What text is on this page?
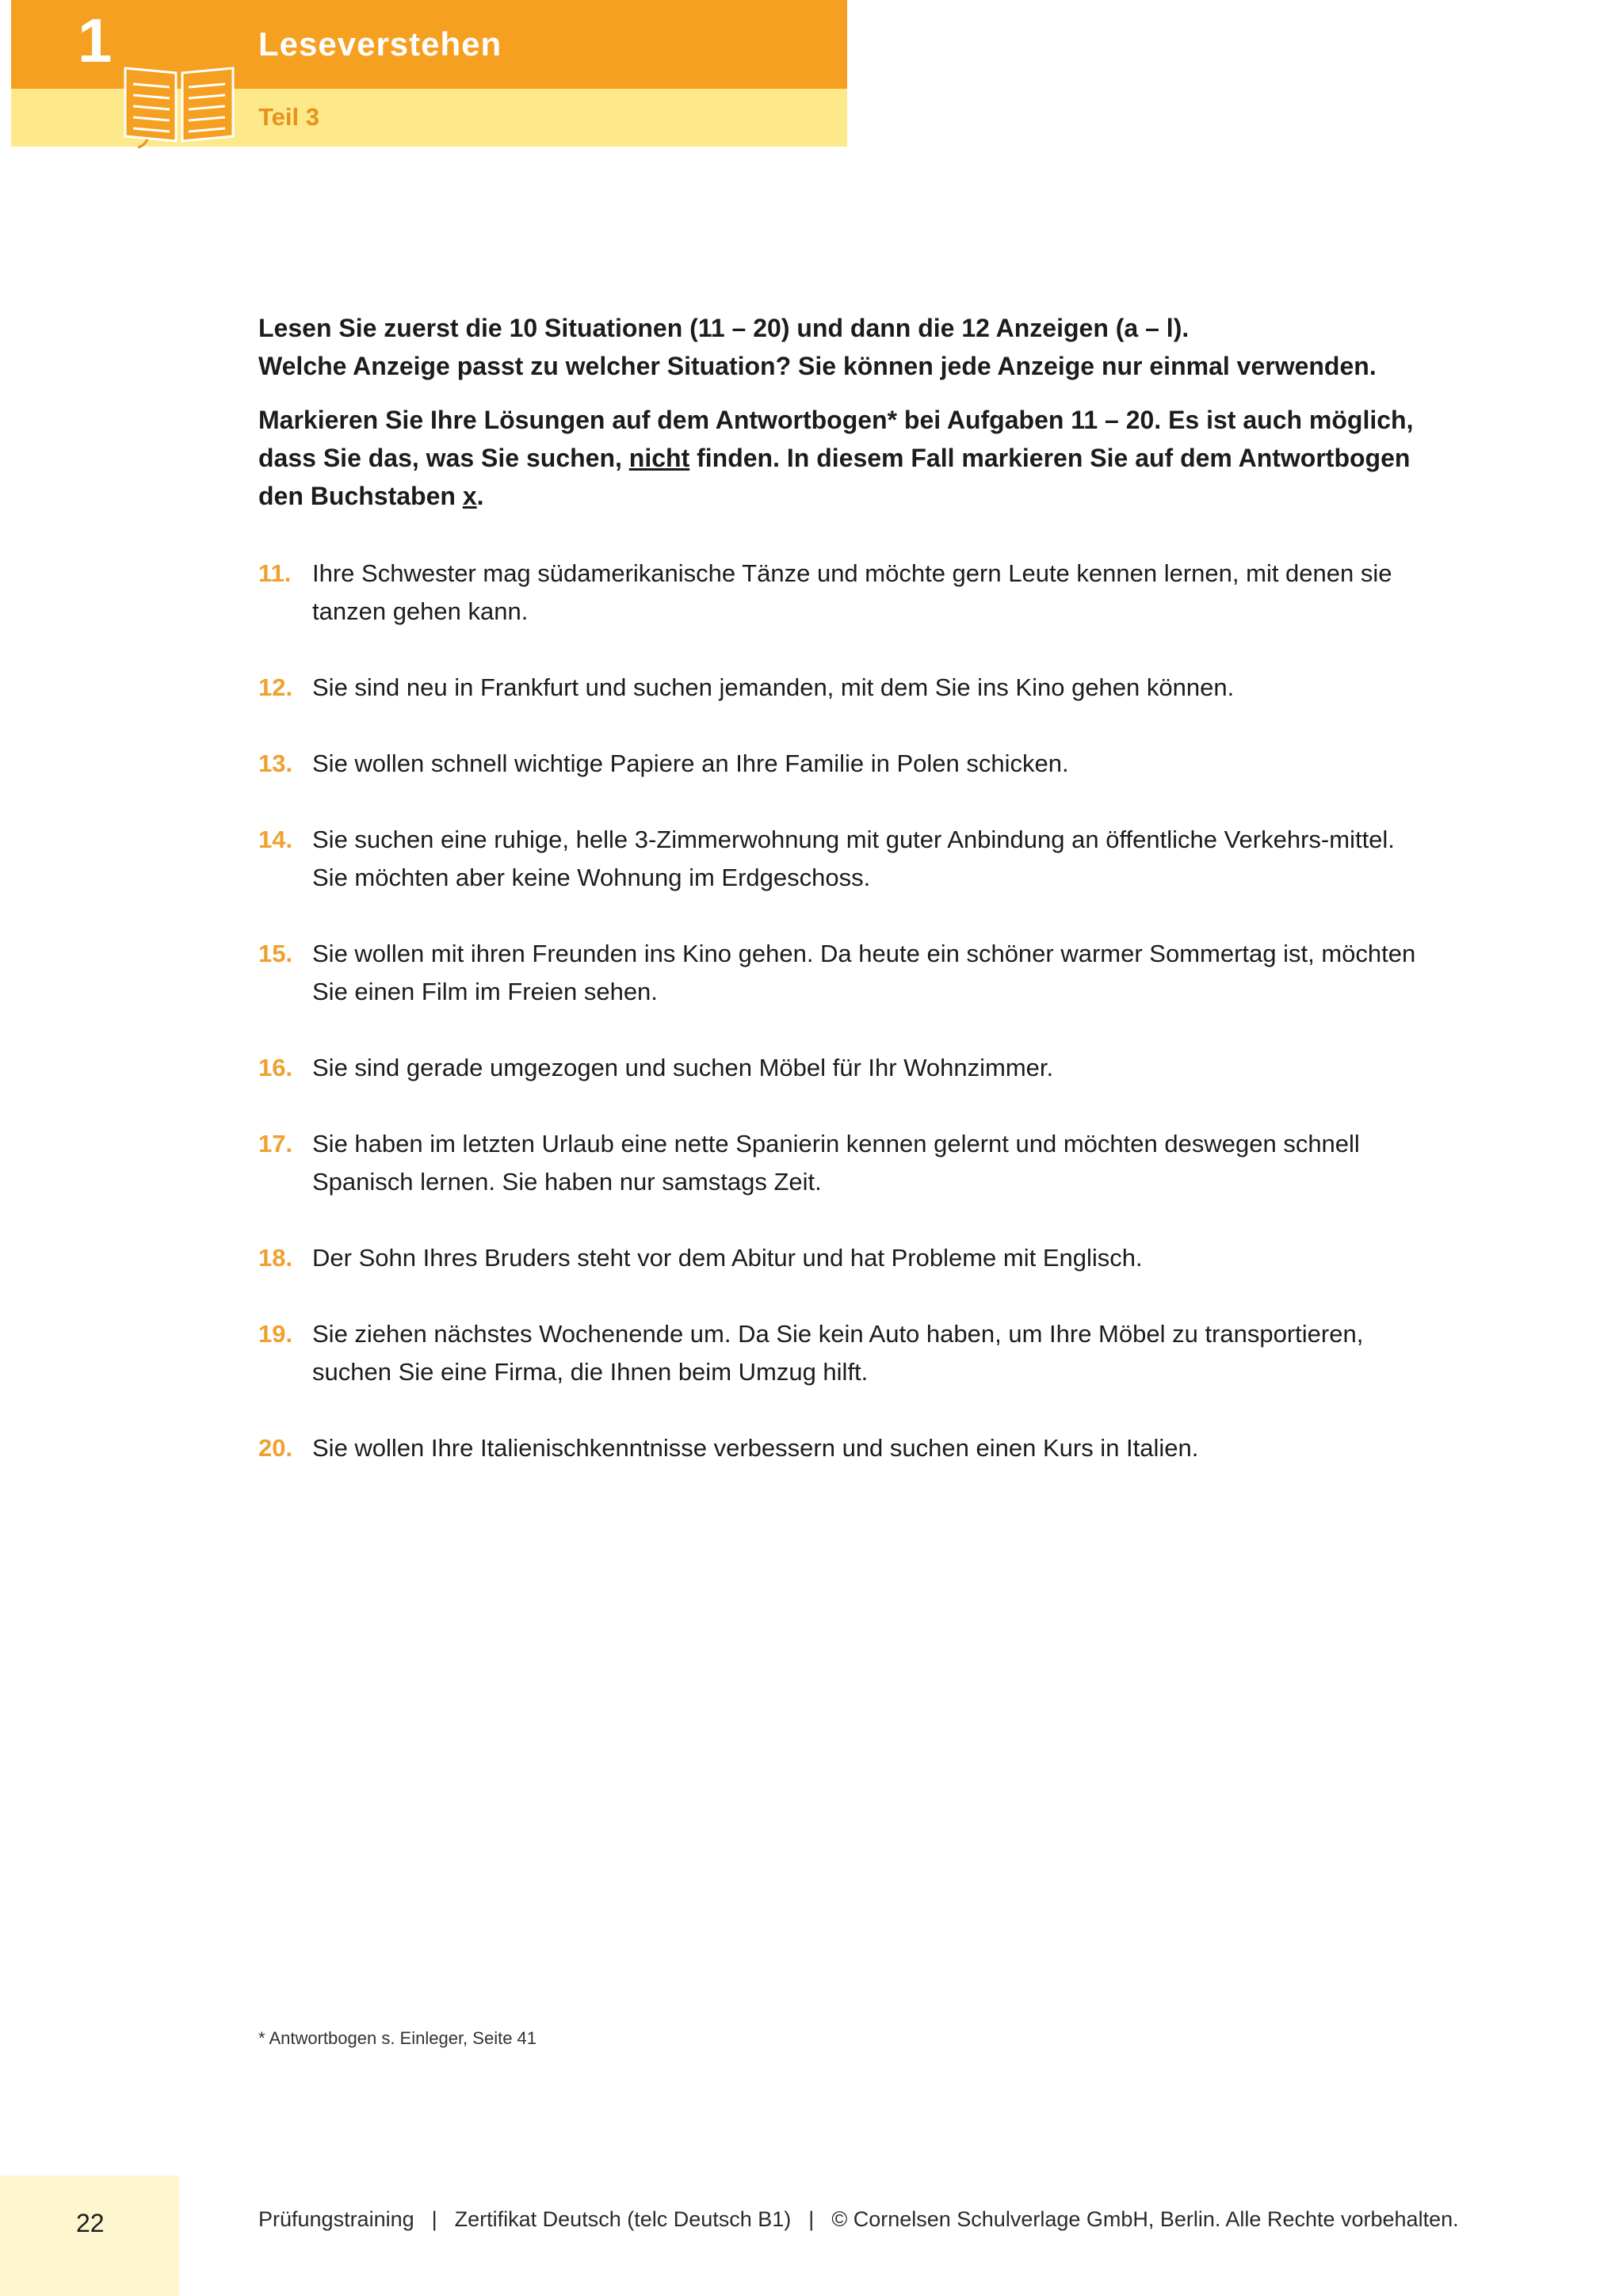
1	Leseverstehen
Teil 3

Lesen Sie zuerst die 10 Situationen (11 – 20) und dann die 12 Anzeigen (a – l).
Welche Anzeige passt zu welcher Situation? Sie können jede Anzeige nur einmal verwenden.

Markieren Sie Ihre Lösungen auf dem Antwortbogen* bei Aufgaben 11 – 20. Es ist auch möglich, dass Sie das, was Sie suchen, nicht finden. In diesem Fall markieren Sie auf dem Antwortbogen den Buchstaben x.

11. Ihre Schwester mag südamerikanische Tänze und möchte gern Leute kennen lernen, mit denen sie tanzen gehen kann.
12. Sie sind neu in Frankfurt und suchen jemanden, mit dem Sie ins Kino gehen können.
13. Sie wollen schnell wichtige Papiere an Ihre Familie in Polen schicken.
14. Sie suchen eine ruhige, helle 3-Zimmerwohnung mit guter Anbindung an öffentliche Verkehrs-mittel. Sie möchten aber keine Wohnung im Erdgeschoss.
15. Sie wollen mit ihren Freunden ins Kino gehen. Da heute ein schöner warmer Sommertag ist, möchten Sie einen Film im Freien sehen.
16. Sie sind gerade umgezogen und suchen Möbel für Ihr Wohnzimmer.
17. Sie haben im letzten Urlaub eine nette Spanierin kennen gelernt und möchten deswegen schnell Spanisch lernen. Sie haben nur samstags Zeit.
18. Der Sohn Ihres Bruders steht vor dem Abitur und hat Probleme mit Englisch.
19. Sie ziehen nächstes Wochenende um. Da Sie kein Auto haben, um Ihre Möbel zu transportieren, suchen Sie eine Firma, die Ihnen beim Umzug hilft.
20. Sie wollen Ihre Italienischkenntnisse verbessern und suchen einen Kurs in Italien.
* Antwortbogen s. Einleger, Seite 41
22	Prüfungstraining | Zertifikat Deutsch (telc Deutsch B1) | © Cornelsen Schulverlage GmbH, Berlin. Alle Rechte vorbehalten.
